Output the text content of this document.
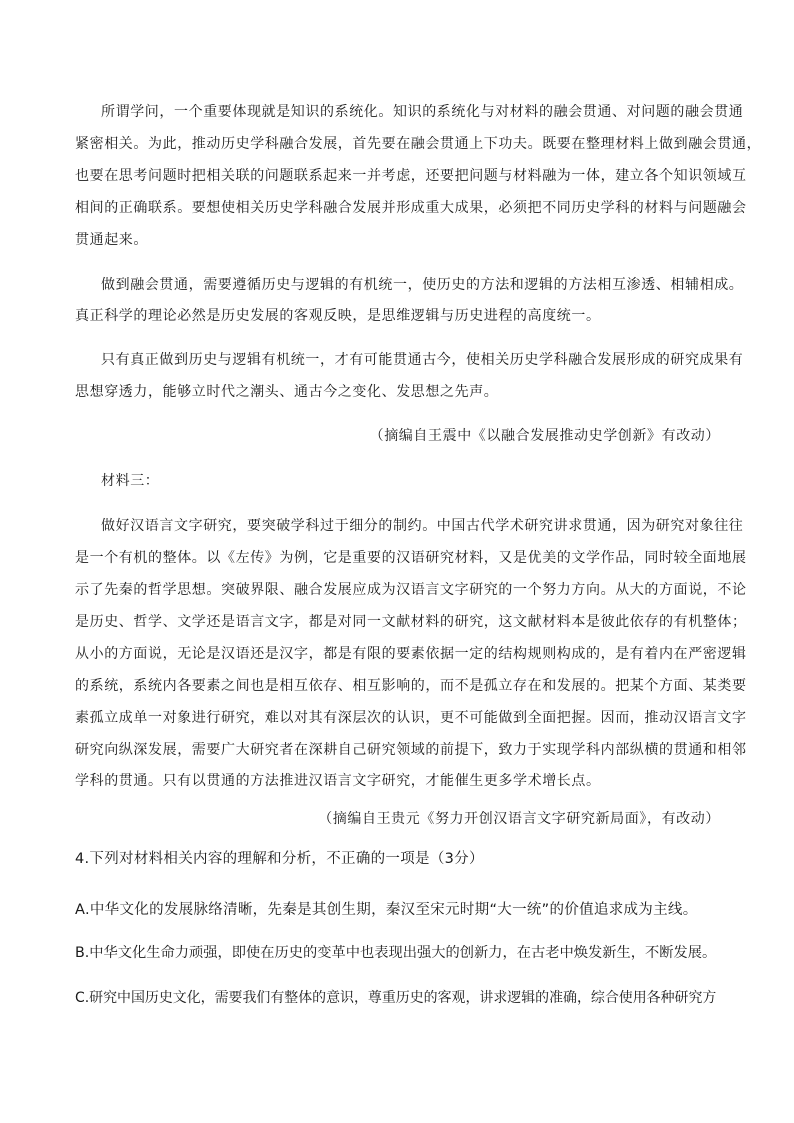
所谓学问，一个重要体现就是知识的系统化。知识的系统化与对材料的融会贯通、对问题的融会贯通
紧密相关。为此，推动历史学科融合发展，首先要在融会贯通上下功夫。既要在整理材料上做到融会贯通，
也要在思考问题时把相关联的问题联系起来一并考虑，还要把问题与材料融为一体，建立各个知识领域互
相间的正确联系。要想使相关历史学科融合发展并形成重大成果，必须把不同历史学科的材料与问题融会
贯通起来。
做到融会贯通，需要遵循历史与逻辑的有机统一，使历史的方法和逻辑的方法相互渗透、相辅相成。
真正科学的理论必然是历史发展的客观反映，是思维逻辑与历史进程的高度统一。
只有真正做到历史与逻辑有机统一，才有可能贯通古今，使相关历史学科融合发展形成的研究成果有
思想穿透力，能够立时代之潮头、通古今之变化、发思想之先声。
（摘编自王震中《以融合发展推动史学创新》有改动）
材料三：
做好汉语言文字研究，要突破学科过于细分的制约。中国古代学术研究讲求贯通，因为研究对象往往
是一个有机的整体。以《左传》为例，它是重要的汉语研究材料，又是优美的文学作品，同时较全面地展
示了先秦的哲学思想。突破界限、融合发展应成为汉语言文字研究的一个努力方向。从大的方面说，不论
是历史、哲学、文学还是语言文字，都是对同一文献材料的研究，这文献材料本是彼此依存的有机整体；
从小的方面说，无论是汉语还是汉字，都是有限的要素依据一定的结构规则构成的，是有着内在严密逻辑
的系统，系统内各要素之间也是相互依存、相互影响的，而不是孤立存在和发展的。把某个方面、某类要
素孤立成单一对象进行研究，难以对其有深层次的认识，更不可能做到全面把握。因而，推动汉语言文字
研究向纵深发展，需要广大研究者在深耕自己研究领域的前提下，致力于实现学科内部纵横的贯通和相邻
学科的贯通。只有以贯通的方法推进汉语言文字研究，才能催生更多学术增长点。
（摘编自王贵元《努力开创汉语言文字研究新局面》，有改动）
4.下列对材料相关内容的理解和分析，不正确的一项是（3分）
A.中华文化的发展脉络清晰，先秦是其创生期，秦汉至宋元时期“大一统”的价值追求成为主线。
B.中华文化生命力顽强，即使在历史的变革中也表现出强大的创新力，在古老中焕发新生，不断发展。
C.研究中国历史文化，需要我们有整体的意识，尊重历史的客观，讲求逻辑的准确，综合使用各种研究方
